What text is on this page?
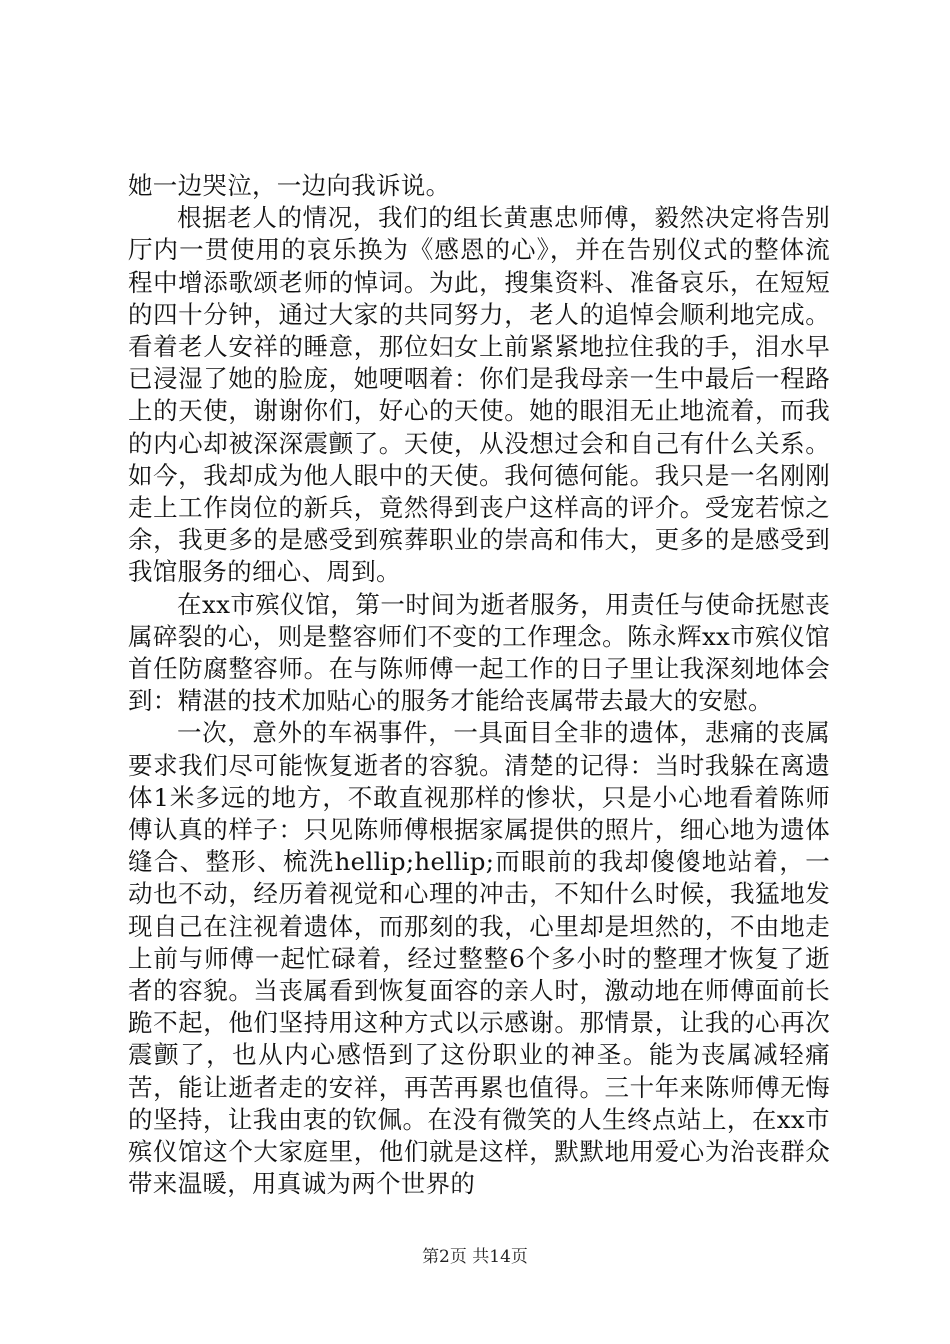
她一边哭泣，一边向我诉说。

根据老人的情况，我们的组长黄惠忠师傅，毅然决定将告别厅内一贯使用的哀乐换为《感恩的心》，并在告别仪式的整体流程中增添歌颂老师的悼词。为此，搜集资料、准备哀乐，在短短的四十分钟，通过大家的共同努力，老人的追悼会顺利地完成。看着老人安祥的睡意，那位妇女上前紧紧地拉住我的手，泪水早已浸湿了她的脸庞，她哽咽着：你们是我母亲一生中最后一程路上的天使，谢谢你们，好心的天使。她的眼泪无止地流着，而我的内心却被深深震颤了。天使，从没想过会和自己有什么关系。如今，我却成为他人眼中的天使。我何德何能。我只是一名刚刚走上工作岗位的新兵，竟然得到丧户这样高的评介。受宠若惊之余，我更多的是感受到殡葬职业的崇高和伟大，更多的是感受到我馆服务的细心、周到。

在xx市殡仪馆，第一时间为逝者服务，用责任与使命抚慰丧属碎裂的心，则是整容师们不变的工作理念。陈永辉xx市殡仪馆首任防腐整容师。在与陈师傅一起工作的日子里让我深刻地体会到：精湛的技术加贴心的服务才能给丧属带去最大的安慰。

一次，意外的车祸事件，一具面目全非的遗体，悲痛的丧属要求我们尽可能恢复逝者的容貌。清楚的记得：当时我躲在离遗体1米多远的地方，不敢直视那样的惨状，只是小心地看着陈师傅认真的样子：只见陈师傅根据家属提供的照片，细心地为遗体缝合、整形、梳洗hellip;hellip;而眼前的我却傻傻地站着，一动也不动，经历着视觉和心理的冲击，不知什么时候，我猛地发现自己在注视着遗体，而那刻的我，心里却是坦然的，不由地走上前与师傅一起忙碌着，经过整整6个多小时的整理才恢复了逝者的容貌。当丧属看到恢复面容的亲人时，激动地在师傅面前长跪不起，他们坚持用这种方式以示感谢。那情景，让我的心再次震颤了，也从内心感悟到了这份职业的神圣。能为丧属减轻痛苦，能让逝者走的安祥，再苦再累也值得。三十年来陈师傅无悔的坚持，让我由衷的钦佩。在没有微笑的人生终点站上，在xx市殡仪馆这个大家庭里，他们就是这样，默默地用爱心为治丧群众带来温暖，用真诚为两个世界的

第2页 共14页
